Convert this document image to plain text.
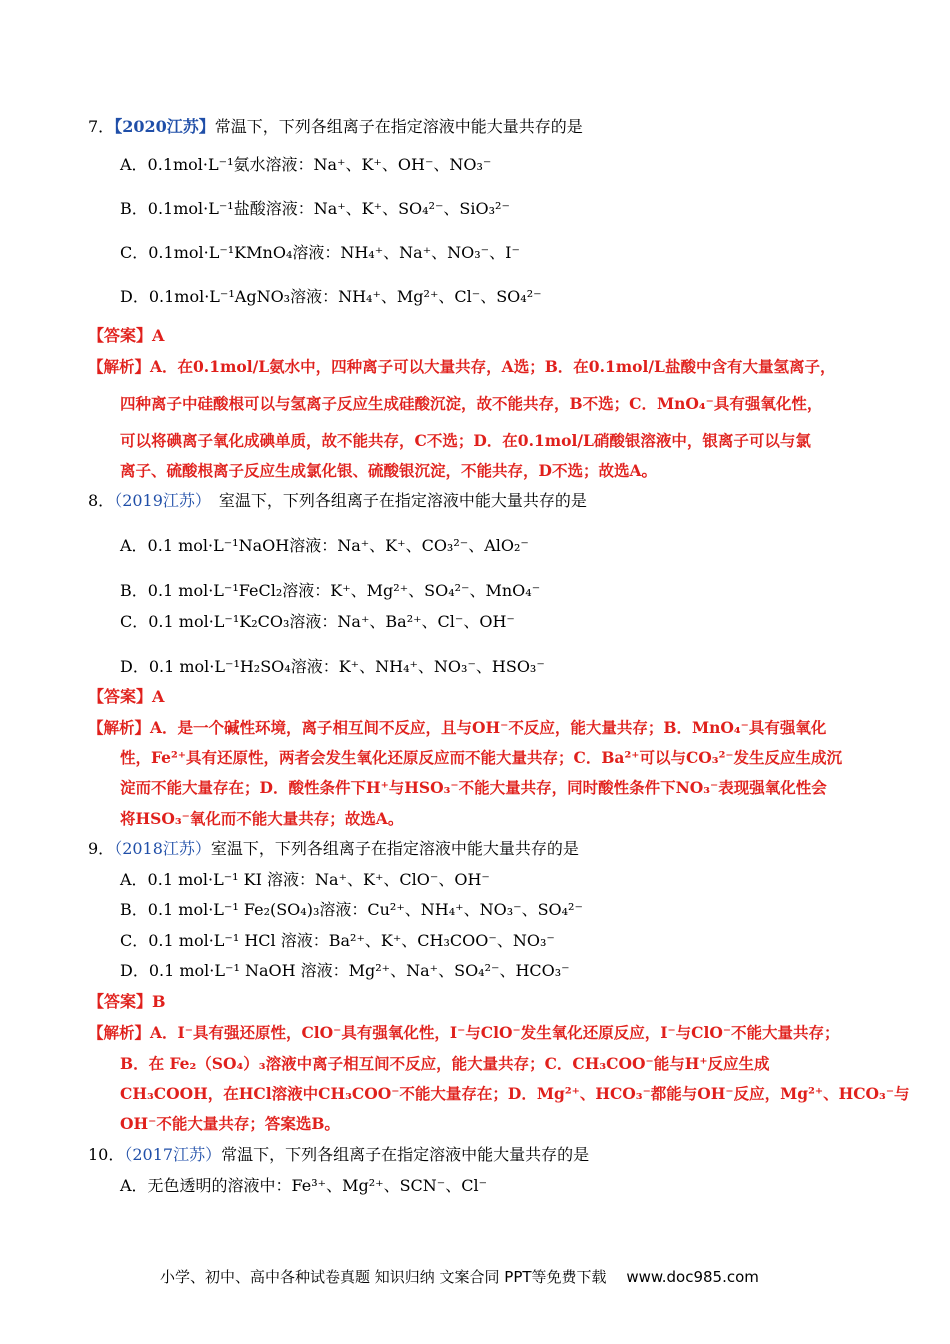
7．【2020江苏】常温下，下列各组离子在指定溶液中能大量共存的是
A．0.1mol·L⁻¹氨水溶液：Na⁺、K⁺、OH⁻、NO₃⁻
B．0.1mol·L⁻¹盐酸溶液：Na⁺、K⁺、SO₄²⁻、SiO₃²⁻
C．0.1mol·L⁻¹KMnO₄溶液：NH₄⁺、Na⁺、NO₃⁻、I⁻
D．0.1mol·L⁻¹AgNO₃溶液：NH₄⁺、Mg²⁺、Cl⁻、SO₄²⁻
【答案】A
【解析】A．在0.1mol/L氨水中，四种离子可以大量共存，A选；B．在0.1mol/L盐酸中含有大量氢离子，
四种离子中硅酸根可以与氢离子反应生成硅酸沉淀，故不能共存，B不选；C．MnO₄⁻具有强氧化性，
可以将碘离子氧化成碘单质，故不能共存，C不选；D．在0.1mol/L硝酸银溶液中，银离子可以与氯
离子、硫酸根离子反应生成氯化银、硫酸银沉淀，不能共存，D不选；故选A。
8．（2019江苏）　室温下，下列各组离子在指定溶液中能大量共存的是
A．0.1 mol·L⁻¹NaOH溶液：Na⁺、K⁺、CO₃²⁻、AlO₂⁻
B．0.1 mol·L⁻¹FeCl₂溶液：K⁺、Mg²⁺、SO₄²⁻、MnO₄⁻
C．0.1 mol·L⁻¹K₂CO₃溶液：Na⁺、Ba²⁺、Cl⁻、OH⁻
D．0.1 mol·L⁻¹H₂SO₄溶液：K⁺、NH₄⁺、NO₃⁻、HSO₃⁻
【答案】A
【解析】A．是一个碱性环境，离子相互间不反应，且与OH⁻不反应，能大量共存；B．MnO₄⁻具有强氧化
性，Fe²⁺具有还原性，两者会发生氧化还原反应而不能大量共存；C．Ba²⁺可以与CO₃²⁻发生反应生成沉
淀而不能大量存在；D．酸性条件下H⁺与HSO₃⁻不能大量共存，同时酸性条件下NO₃⁻表现强氧化性会
将HSO₃⁻氧化而不能大量共存；故选A。
9．（2018江苏）室温下，下列各组离子在指定溶液中能大量共存的是
A．0.1 mol·L⁻¹ KI 溶液：Na⁺、K⁺、ClO⁻、OH⁻
B．0.1 mol·L⁻¹ Fe₂(SO₄)₃溶液：Cu²⁺、NH₄⁺、NO₃⁻、SO₄²⁻
C．0.1 mol·L⁻¹ HCl 溶液：Ba²⁺、K⁺、CH₃COO⁻、NO₃⁻
D．0.1 mol·L⁻¹ NaOH 溶液：Mg²⁺、Na⁺、SO₄²⁻、HCO₃⁻
【答案】B
【解析】A．I⁻具有强还原性，ClO⁻具有强氧化性，I⁻与ClO⁻发生氧化还原反应，I⁻与ClO⁻不能大量共存；
B．在 Fe₂（SO₄）₃溶液中离子相互间不反应，能大量共存；C．CH₃COO⁻能与H⁺反应生成
CH₃COOH，在HCl溶液中CH₃COO⁻不能大量存在；D．Mg²⁺、HCO₃⁻都能与OH⁻反应，Mg²⁺、HCO₃⁻与
OH⁻不能大量共存；答案选B。
10．（2017江苏）常温下，下列各组离子在指定溶液中能大量共存的是
A．无色透明的溶液中：Fe³⁺、Mg²⁺、SCN⁻、Cl⁻
小学、初中、高中各种试卷真题 知识归纳 文案合同 PPT等免费下载　 www.doc985.com
